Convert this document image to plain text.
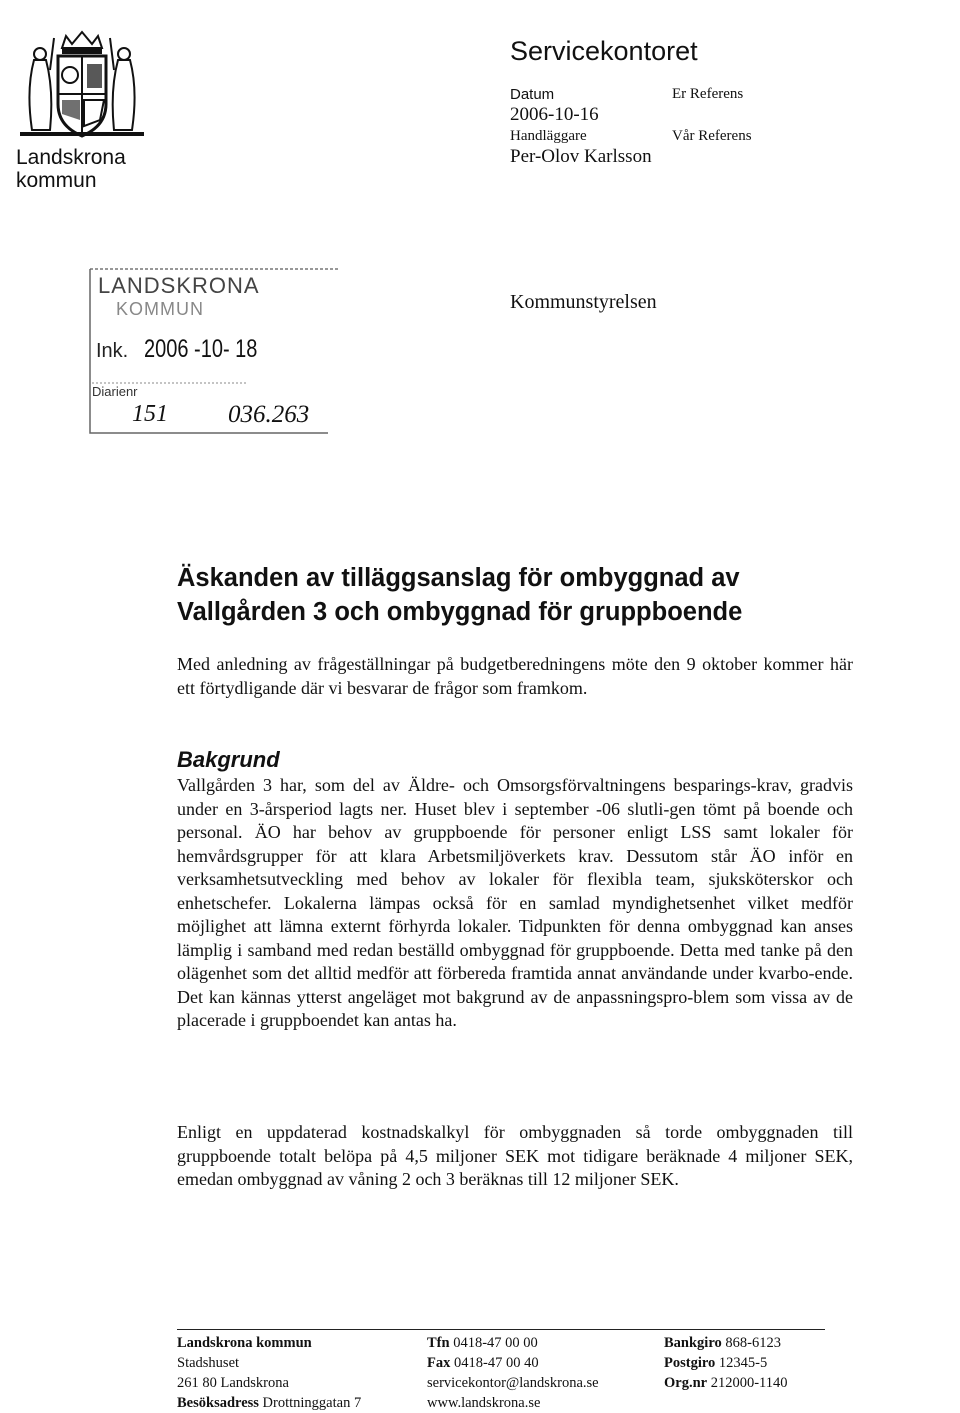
Landskrona kommun
Servicekontoret
Datum
2006-10-16
Handläggare
Per-Olov Karlsson
Er Referens
Vår Referens
LANDSKRONA
KOMMUN
Ink. 2006 -10- 18
Diarienr
151 036.263
Kommunstyrelsen
Äskanden av tilläggsanslag för ombyggnad av
Vallgården 3 och ombyggnad för gruppboende
Med anledning av frågeställningar på budgetberedningens möte den 9 oktober kommer här ett förtydligande där vi besvarar de frågor som framkom.
Bakgrund
Vallgården 3 har, som del av Äldre- och Omsorgsförvaltningens besparings-krav, gradvis under en 3-årsperiod lagts ner. Huset blev i september -06 slutli-gen tömt på boende och personal. ÄO har behov av gruppboende för personer enligt LSS samt lokaler för hemvårdsgrupper för att klara Arbetsmiljöverkets krav. Dessutom står ÄO inför en verksamhetsutveckling med behov av lokaler för flexibla team, sjuksköterskor och enhetschefer. Lokalerna lämpas också för en samlad myndighetsenhet vilket medför möjlighet att lämna externt förhyrda lokaler. Tidpunkten för denna ombyggnad kan anses lämplig i samband med redan beställd ombyggnad för gruppboende. Detta med tanke på den olägenhet som det alltid medför att förbereda framtida annat användande under kvarbo-ende. Det kan kännas ytterst angeläget mot bakgrund av de anpassningspro-blem som vissa av de placerade i gruppboendet kan antas ha.
Enligt en uppdaterad kostnadskalkyl för ombyggnaden så torde ombyggnaden till gruppboende totalt belöpa på 4,5 miljoner SEK mot tidigare beräknade 4 miljoner SEK, emedan ombyggnad av våning 2 och 3 beräknas till 12 miljoner SEK.
Landskrona kommun
Stadshuset
261 80 Landskrona
Besöksadress Drottninggatan 7
Tfn 0418-47 00 00
Fax 0418-47 00 40
servicekontor@landskrona.se
www.landskrona.se
Bankgiro 868-6123
Postgiro 12345-5
Org.nr 212000-1140
